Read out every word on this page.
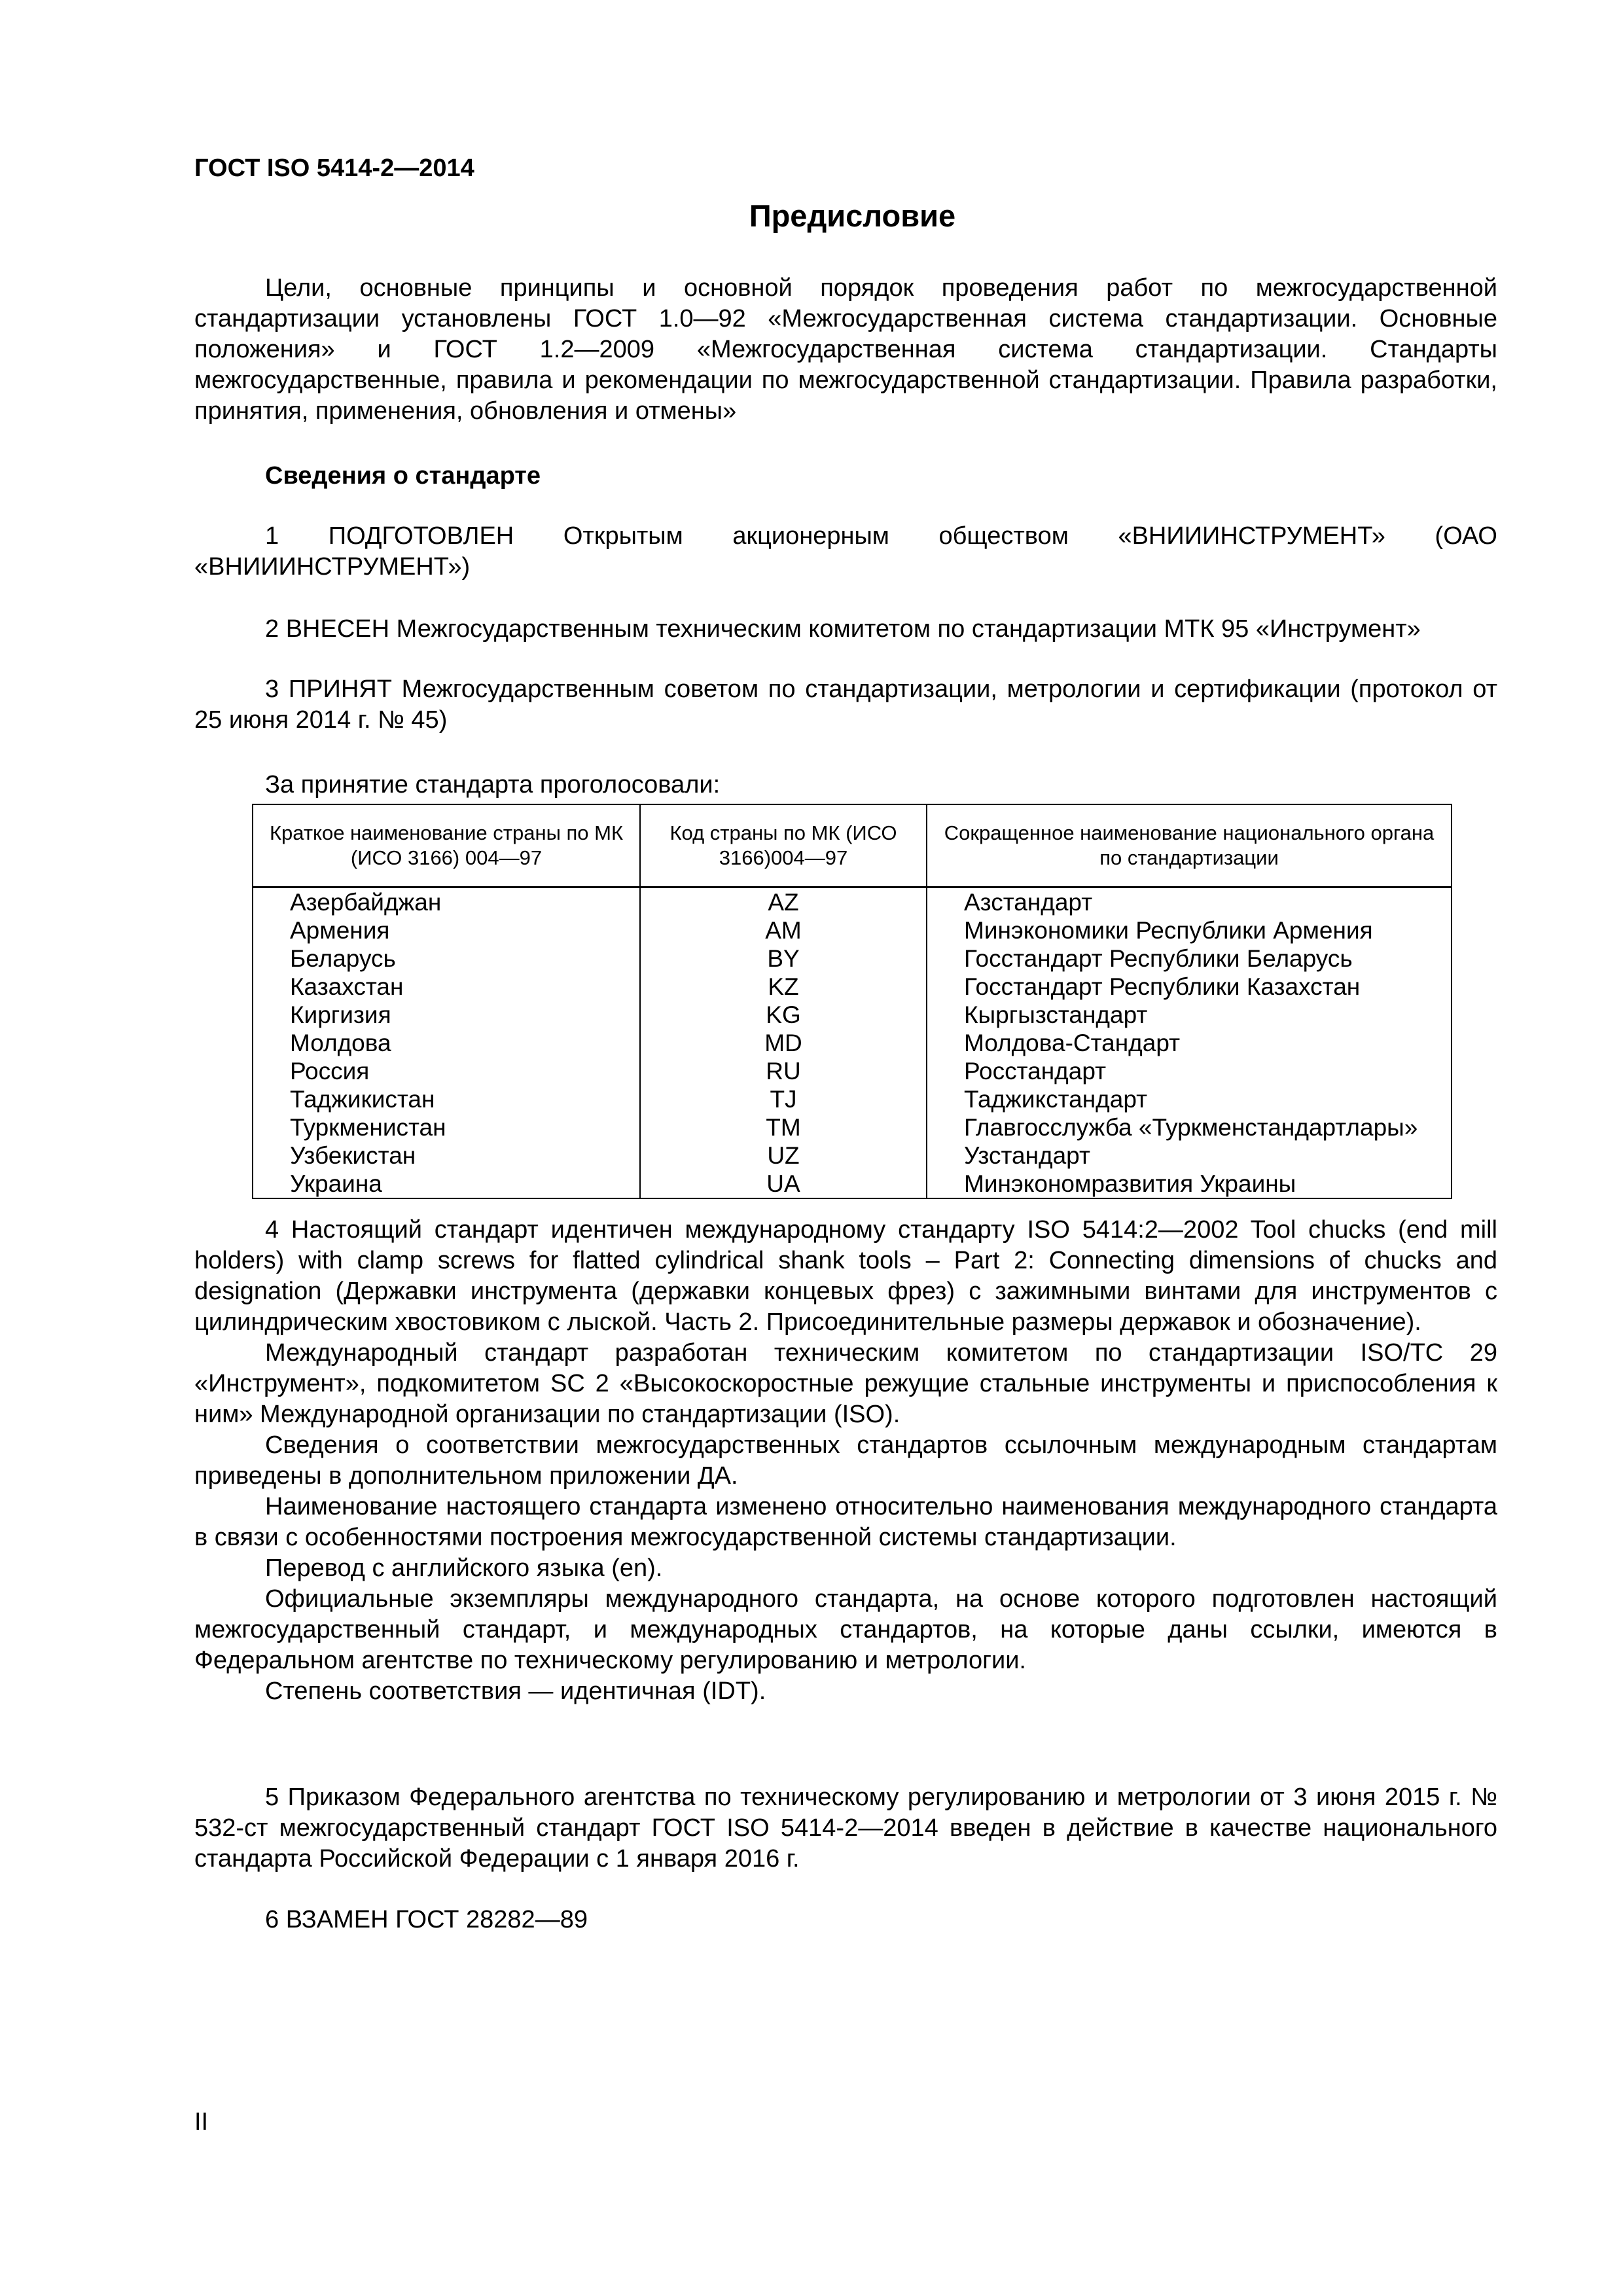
ГОСТ ISO 5414-2—2014
Предисловие
Цели, основные принципы и основной порядок проведения работ по межгосударственной стандартизации установлены ГОСТ 1.0—92 «Межгосударственная система стандартизации. Основные положения» и ГОСТ 1.2—2009 «Межгосударственная система стандартизации. Стандарты межгосударственные, правила и рекомендации по межгосударственной стандартизации. Правила разработки, принятия, применения, обновления и отмены»
Сведения о стандарте
1 ПОДГОТОВЛЕН Открытым акционерным обществом «ВНИИИНСТРУМЕНТ» (ОАО «ВНИИИНСТРУМЕНТ»)
2 ВНЕСЕН Межгосударственным техническим комитетом по стандартизации МТК 95 «Инструмент»
3 ПРИНЯТ Межгосударственным советом по стандартизации, метрологии и сертификации (протокол от 25 июня 2014 г. № 45)
За принятие стандарта проголосовали:
Краткое наименование страны по МК (ИСО 3166) 004—97	Код страны по МК (ИСО 3166)004—97	Сокращенное наименование национального органа по стандартизации
Азербайджан	AZ	Азстандарт
Армения	AM	Минэкономики Республики Армения
Беларусь	BY	Госстандарт Республики Беларусь
Казахстан	KZ	Госстандарт Республики Казахстан
Киргизия	KG	Кыргызстандарт
Молдова	MD	Молдова-Стандарт
Россия	RU	Росстандарт
Таджикистан	TJ	Таджикстандарт
Туркменистан	TM	Главгосслужба «Туркменстандартлары»
Узбекистан	UZ	Узстандарт
Украина	UA	Минэкономразвития Украины

4 Настоящий стандарт идентичен международному стандарту ISO 5414:2—2002 Tool chucks (end mill holders) with clamp screws for flatted cylindrical shank tools – Part 2: Connecting dimensions of chucks and designation (Державки инструмента (державки концевых фрез) с зажимными винтами для инструментов с цилиндрическим хвостовиком с лыской. Часть 2. Присоединительные размеры державок и обозначение).

Международный стандарт разработан техническим комитетом по стандартизации ISO/TC 29 «Инструмент», подкомитетом SC 2 «Высокоскоростные режущие стальные инструменты и приспособления к ним» Международной организации по стандартизации (ISO).

Сведения о соответствии межгосударственных стандартов ссылочным международным стандартам приведены в дополнительном приложении ДА.

Наименование настоящего стандарта изменено относительно наименования международного стандарта в связи с особенностями построения межгосударственной системы стандартизации.

Перевод с английского языка (en).

Официальные экземпляры международного стандарта, на основе которого подготовлен настоящий межгосударственный стандарт, и международных стандартов, на которые даны ссылки, имеются в Федеральном агентстве по техническому регулированию и метрологии.

Степень соответствия — идентичная (IDT).

5 Приказом Федерального агентства по техническому регулированию и метрологии от 3 июня 2015 г. № 532-ст межгосударственный стандарт ГОСТ ISO 5414-2—2014 введен в действие в качестве национального стандарта Российской Федерации с 1 января 2016 г.
6 ВЗАМЕН ГОСТ 28282—89
II
